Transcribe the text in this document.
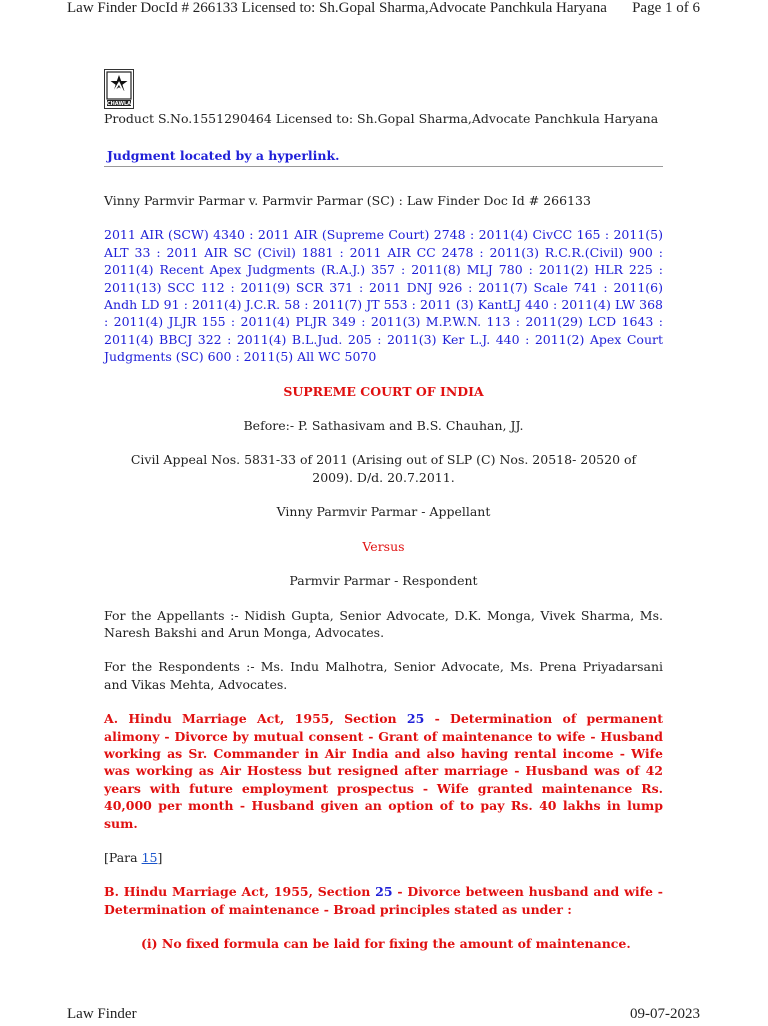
Law Finder DocId # 266133 Licensed to: Sh.Gopal Sharma,Advocate Panchkula Haryana Page 1 of 6
CHAWLA

Product S.No.1551290464 Licensed to: Sh.Gopal Sharma,Advocate Panchkula Haryana

Judgment located by a hyperlink.

Vinny Parmvir Parmar v. Parmvir Parmar (SC) : Law Finder Doc Id # 266133

2011 AIR (SCW) 4340 : 2011 AIR (Supreme Court) 2748 : 2011(4) CivCC 165 : 2011(5) ALT 33 : 2011 AIR SC (Civil) 1881 : 2011 AIR CC 2478 : 2011(3) R.C.R.(Civil) 900 : 2011(4) Recent Apex Judgments (R.A.J.) 357 : 2011(8) MLJ 780 : 2011(2) HLR 225 : 2011(13) SCC 112 : 2011(9) SCR 371 : 2011 DNJ 926 : 2011(7) Scale 741 : 2011(6) Andh LD 91 : 2011(4) J.C.R. 58 : 2011(7) JT 553 : 2011 (3) KantLJ 440 : 2011(4) LW 368 : 2011(4) JLJR 155 : 2011(4) PLJR 349 : 2011(3) M.P.W.N. 113 : 2011(29) LCD 1643 : 2011(4) BBCJ 322 : 2011(4) B.L.Jud. 205 : 2011(3) Ker L.J. 440 : 2011(2) Apex Court Judgments (SC) 600 : 2011(5) All WC 5070

SUPREME COURT OF INDIA

Before:- P. Sathasivam and B.S. Chauhan, JJ.

Civil Appeal Nos. 5831-33 of 2011 (Arising out of SLP (C) Nos. 20518- 20520 of 2009). D/d. 20.7.2011.

Vinny Parmvir Parmar - Appellant

Versus

Parmvir Parmar - Respondent

For the Appellants :- Nidish Gupta, Senior Advocate, D.K. Monga, Vivek Sharma, Ms. Naresh Bakshi and Arun Monga, Advocates.

For the Respondents :- Ms. Indu Malhotra, Senior Advocate, Ms. Prena Priyadarsani and Vikas Mehta, Advocates.

A. Hindu Marriage Act, 1955, Section 25 - Determination of permanent alimony - Divorce by mutual consent - Grant of maintenance to wife - Husband working as Sr. Commander in Air India and also having rental income - Wife was working as Air Hostess but resigned after marriage - Husband was of 42 years with future employment prospectus - Wife granted maintenance Rs. 40,000 per month - Husband given an option of to pay Rs. 40 lakhs in lump sum.

[Para 15]

B. Hindu Marriage Act, 1955, Section 25 - Divorce between husband and wife - Determination of maintenance - Broad principles stated as under :

(i) No fixed formula can be laid for fixing the amount of maintenance.

Law Finder	09-07-2023
